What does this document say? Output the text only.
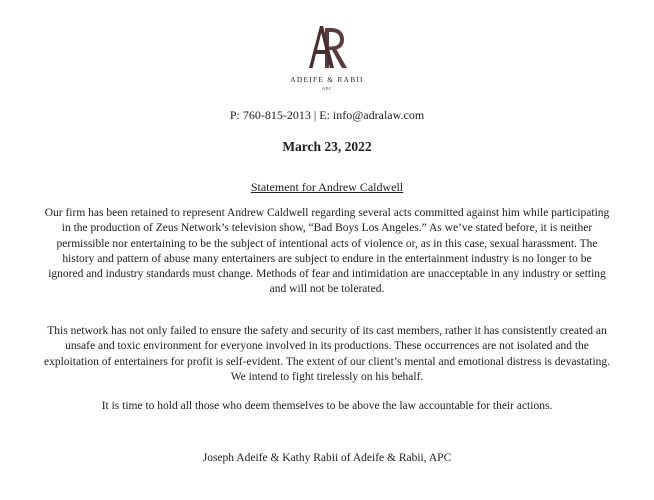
ADEIFE & RABII
APC
P: 760-815-2013 | E: info@adralaw.com
March 23, 2022
Statement for Andrew Caldwell

Our firm has been retained to represent Andrew Caldwell regarding several acts committed against him while participating in the production of Zeus Network’s television show, “Bad Boys Los Angeles.” As we’ve stated before, it is neither permissible nor entertaining to be the subject of intentional acts of violence or, as in this case, sexual harassment. The history and pattern of abuse many entertainers are subject to endure in the entertainment industry is no longer to be ignored and industry standards must change. Methods of fear and intimidation are unacceptable in any industry or setting and will not be tolerated.

This network has not only failed to ensure the safety and security of its cast members, rather it has consistently created an unsafe and toxic environment for everyone involved in its productions. These occurrences are not isolated and the exploitation of entertainers for profit is self-evident. The extent of our client’s mental and emotional distress is devastating. We intend to fight tirelessly on his behalf.

It is time to hold all those who deem themselves to be above the law accountable for their actions.

Joseph Adeife & Kathy Rabii of Adeife & Rabii, APC
